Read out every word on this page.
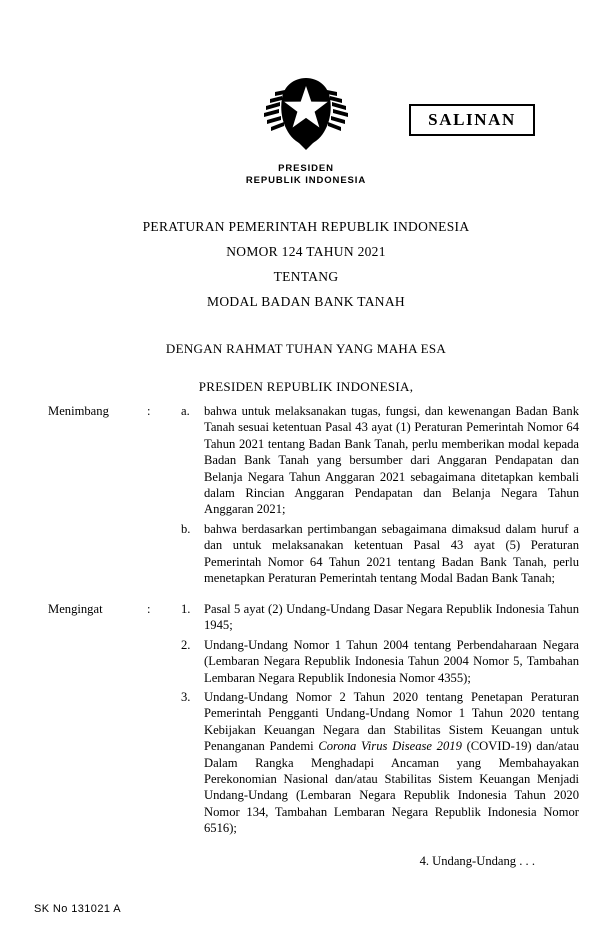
PRESIDEN
REPUBLIK INDONESIA
SALINAN
PERATURAN PEMERINTAH REPUBLIK INDONESIA
NOMOR 124 TAHUN 2021
TENTANG
MODAL BADAN BANK TANAH
DENGAN RAHMAT TUHAN YANG MAHA ESA
PRESIDEN REPUBLIK INDONESIA,
Menimbang	: a.	bahwa untuk melaksanakan tugas, fungsi, dan kewenangan Badan Bank Tanah sesuai ketentuan Pasal 43 ayat (1) Peraturan Pemerintah Nomor 64 Tahun 2021 tentang Badan Bank Tanah, perlu memberikan modal kepada Badan Bank Tanah yang bersumber dari Anggaran Pendapatan dan Belanja Negara Tahun Anggaran 2021 sebagaimana ditetapkan kembali dalam Rincian Anggaran Pendapatan dan Belanja Negara Tahun Anggaran 2021;
b.	bahwa berdasarkan pertimbangan sebagaimana dimaksud dalam huruf a dan untuk melaksanakan ketentuan Pasal 43 ayat (5) Peraturan Pemerintah Nomor 64 Tahun 2021 tentang Badan Bank Tanah, perlu menetapkan Peraturan Pemerintah tentang Modal Badan Bank Tanah;
Mengingat	: 1.	Pasal 5 ayat (2) Undang-Undang Dasar Negara Republik Indonesia Tahun 1945;
2.	Undang-Undang Nomor 1 Tahun 2004 tentang Perbendaharaan Negara (Lembaran Negara Republik Indonesia Tahun 2004 Nomor 5, Tambahan Lembaran Negara Republik Indonesia Nomor 4355);
3.	Undang-Undang Nomor 2 Tahun 2020 tentang Penetapan Peraturan Pemerintah Pengganti Undang-Undang Nomor 1 Tahun 2020 tentang Kebijakan Keuangan Negara dan Stabilitas Sistem Keuangan untuk Penanganan Pandemi Corona Virus Disease 2019 (COVID-19) dan/atau Dalam Rangka Menghadapi Ancaman yang Membahayakan Perekonomian Nasional dan/atau Stabilitas Sistem Keuangan Menjadi Undang-Undang (Lembaran Negara Republik Indonesia Tahun 2020 Nomor 134, Tambahan Lembaran Negara Republik Indonesia Nomor 6516);
4. Undang-Undang . . .
SK No 131021 A
